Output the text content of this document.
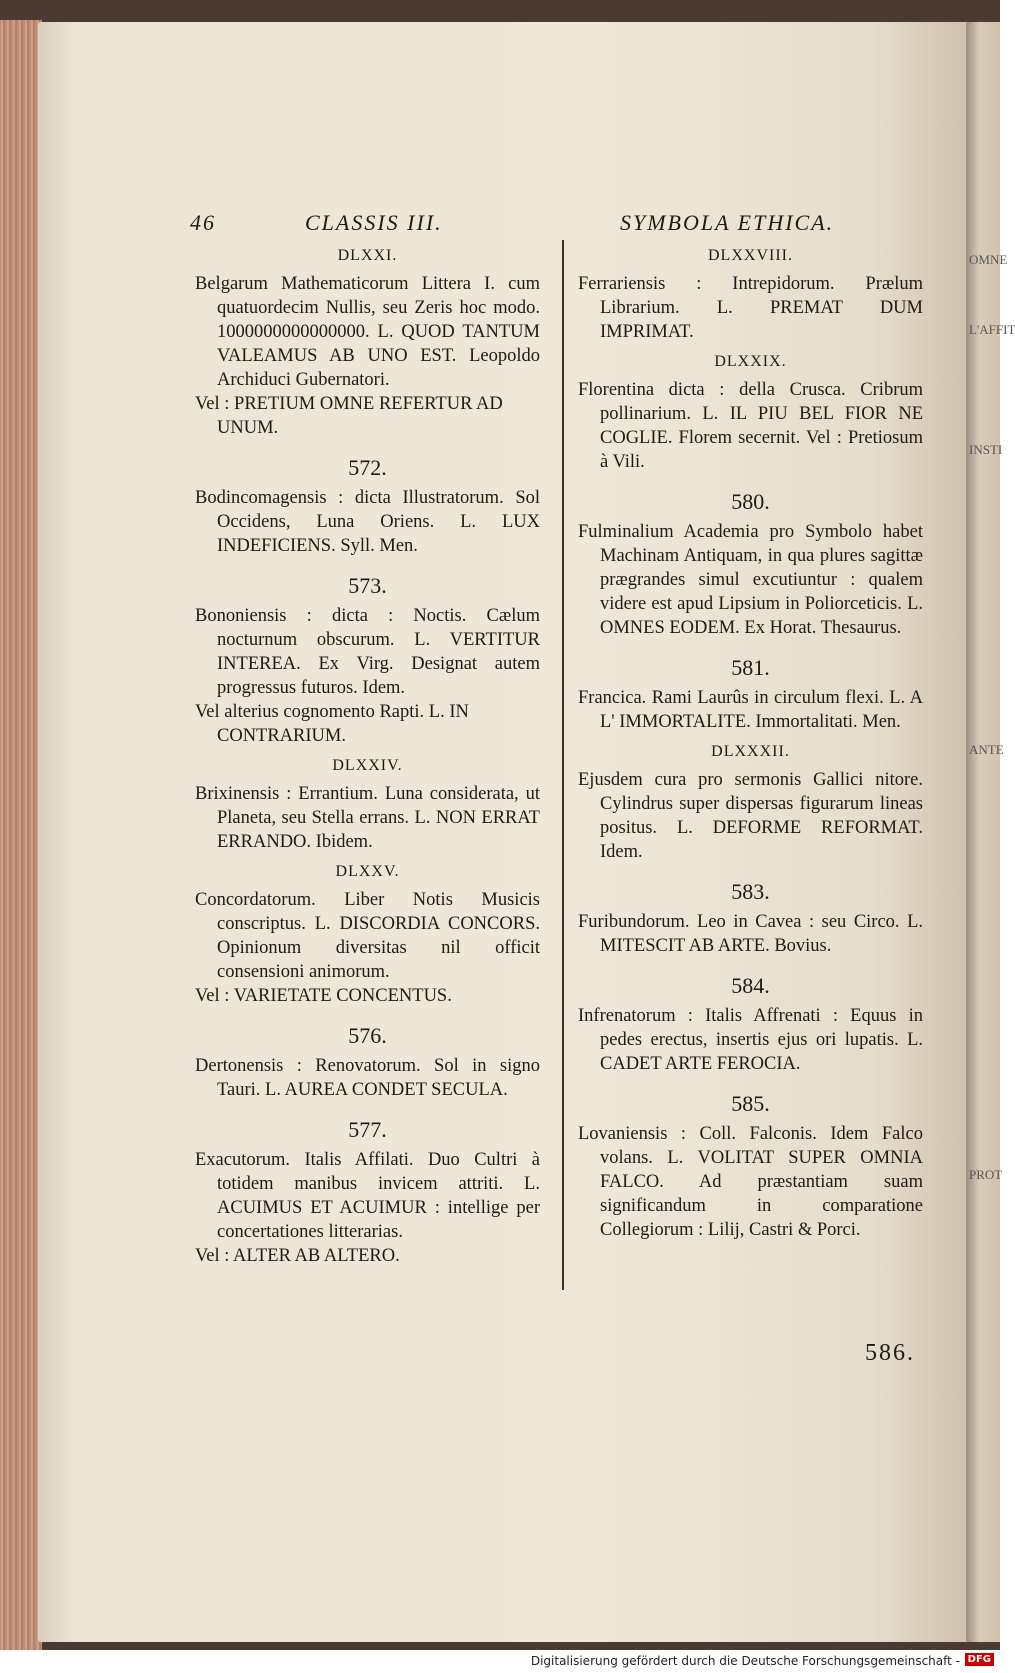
OMNE
L'AFFIT
INSTI
ANTE
PROT
46	CLASSIS III.	SYMBOLA ETHICA.
DLXXI.
Belgarum Mathematicorum Littera I. cum quatuordecim Nullis, seu Zeris hoc modo. 1000000000000000. L. QUOD TANTUM VALEAMUS AB UNO EST. Leopoldo Archiduci Gubernatori.
Vel : PRETIUM OMNE REFERTUR AD UNUM.
572.
Bodincomagensis : dicta Illustratorum. Sol Occidens, Luna Oriens. L. LUX INDEFICIENS. Syll. Men.
573.
Bononiensis : dicta : Noctis. Cælum nocturnum obscurum. L. VERTITUR INTEREA. Ex Virg. Designat autem progressus futuros. Idem.
Vel alterius cognomento Rapti. L. IN CONTRARIUM.
DLXXIV.
Brixinensis : Errantium. Luna considerata, ut Planeta, seu Stella errans. L. NON ERRAT ERRANDO. Ibidem.
DLXXV.
Concordatorum. Liber Notis Musicis conscriptus. L. DISCORDIA CONCORS. Opinionum diversitas nil officit consensioni animorum.
Vel : VARIETATE CONCENTUS.
576.
Dertonensis : Renovatorum. Sol in signo Tauri. L. AUREA CONDET SECULA.
577.
Exacutorum. Italis Affilati. Duo Cultri à totidem manibus invicem attriti. L. ACUIMUS ET ACUIMUR : intellige per concertationes litterarias.
Vel : ALTER AB ALTERO.
DLXXVIII.
Ferrariensis : Intrepidorum. Prælum Librarium. L. PREMAT DUM IMPRIMAT.
DLXXIX.
Florentina dicta : della Crusca. Cribrum pollinarium. L. IL PIU BEL FIOR NE COGLIE. Florem secernit. Vel : Pretiosum à Vili.
580.
Fulminalium Academia pro Symbolo habet Machinam Antiquam, in qua plures sagittæ prægrandes simul excutiuntur : qualem videre est apud Lipsium in Poliorceticis. L. OMNES EODEM. Ex Horat. Thesaurus.
581.
Francica. Rami Laurûs in circulum flexi. L. A L' IMMORTALITE. Immortalitati. Men.
DLXXXII.
Ejusdem cura pro sermonis Gallici nitore. Cylindrus super dispersas figurarum lineas positus. L. DEFORME REFORMAT. Idem.
583.
Furibundorum. Leo in Cavea : seu Circo. L. MITESCIT AB ARTE. Bovius.
584.
Infrenatorum : Italis Affrenati : Equus in pedes erectus, insertis ejus ori lupatis. L. CADET ARTE FEROCIA.
585.
Lovaniensis : Coll. Falconis. Idem Falco volans. L. VOLITAT SUPER OMNIA FALCO. Ad præstantiam suam significandum in comparatione Collegiorum : Lilij, Castri & Porci.
586.
Digitalisierung gefördert durch die Deutsche Forschungsgemeinschaft - DFG
